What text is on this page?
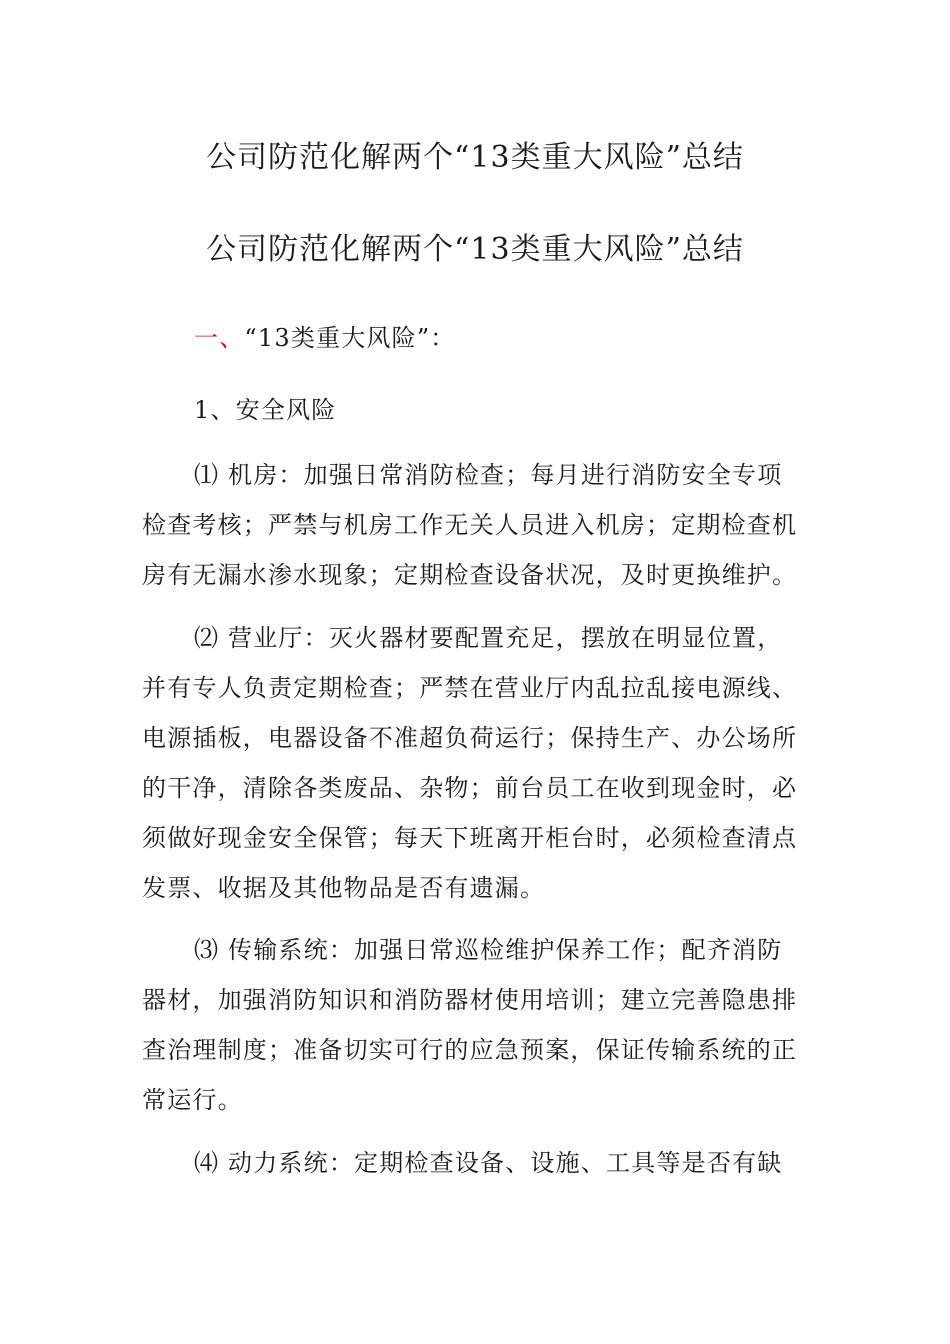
公司防范化解两个“13类重大风险”总结
公司防范化解两个“13类重大风险”总结
一、“13类重大风险”：
1、安全风险
⑴ 机房：加强日常消防检查；每月进行消防安全专项
检查考核；严禁与机房工作无关人员进入机房；定期检查机
房有无漏水渗水现象；定期检查设备状况，及时更换维护。
⑵ 营业厅：灭火器材要配置充足，摆放在明显位置，
并有专人负责定期检查；严禁在营业厅内乱拉乱接电源线、
电源插板，电器设备不准超负荷运行；保持生产、办公场所
的干净，清除各类废品、杂物；前台员工在收到现金时，必
须做好现金安全保管；每天下班离开柜台时，必须检查清点
发票、收据及其他物品是否有遗漏。
⑶ 传输系统：加强日常巡检维护保养工作；配齐消防
器材，加强消防知识和消防器材使用培训；建立完善隐患排
查治理制度；准备切实可行的应急预案，保证传输系统的正
常运行。
⑷ 动力系统：定期检查设备、设施、工具等是否有缺
